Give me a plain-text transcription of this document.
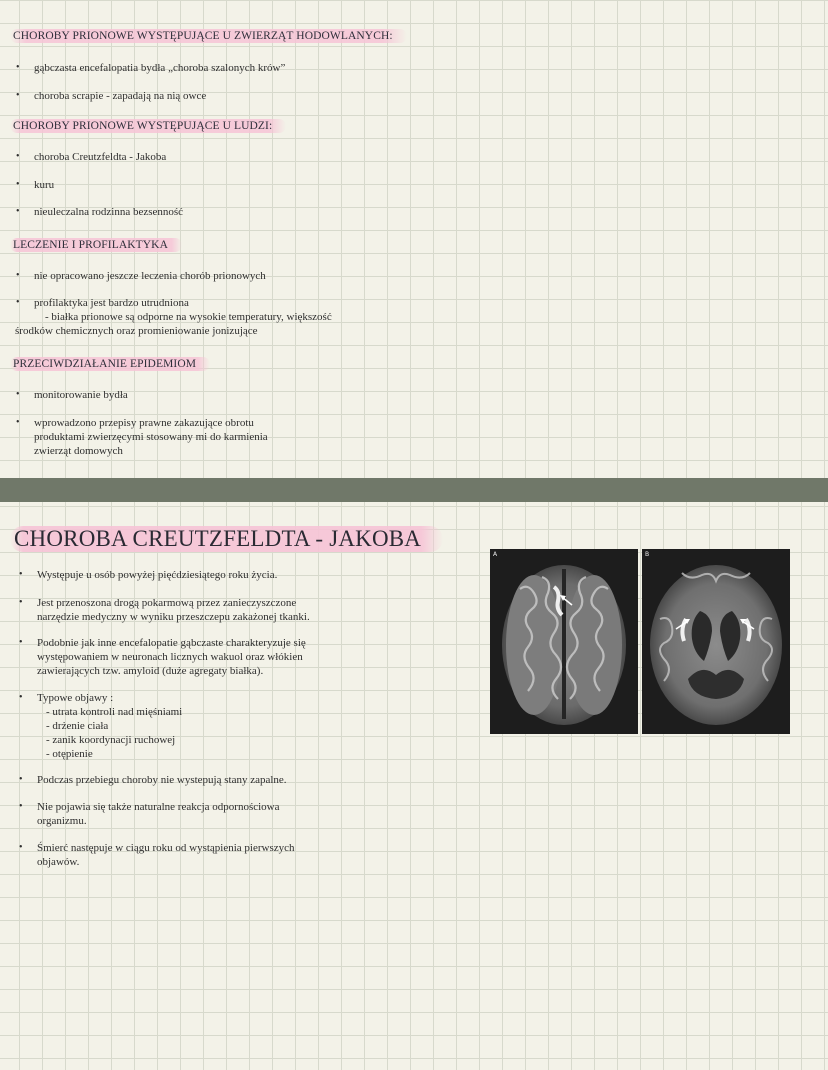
CHOROBY PRIONOWE WYSTĘPUJĄCE U ZWIERZĄT HODOWLANYCH:
• gąbczasta encefalopatia bydła „choroba szalonych krów”
• choroba scrapie - zapadają na nią owce
CHOROBY PRIONOWE WYSTĘPUJĄCE U LUDZI:
• choroba Creutzfeldta - Jakoba
• kuru
• nieuleczalna rodzinna bezsenność
LECZENIE I PROFILAKTYKA
• nie opracowano jeszcze leczenia chorób prionowych
• profilaktyka jest bardzo utrudniona
- białka prionowe są odporne na wysokie temperatury, większość
środków chemicznych oraz promieniowanie jonizujące
PRZECIWDZIAŁANIE EPIDEMIOM
• monitorowanie bydła
• wprowadzono przepisy prawne zakazujące obrotu
produktami zwierzęcymi stosowany mi do karmienia
zwierząt domowych
CHOROBA CREUTZFELDTA - JAKOBA
• Występuje u osób powyżej pięćdziesiątego roku życia.
• Jest przenoszona drogą pokarmową przez zanieczyszczone
narzędzie medyczny w wyniku przeszczepu zakażonej tkanki.
• Podobnie jak inne encefalopatie gąbczaste charakteryzuje się
występowaniem w neuronach licznych wakuol oraz włókien
zawierających tzw. amyloid (duże agregaty białka).
• Typowe objawy :
- utrata kontroli nad mięśniami
- drżenie ciała
- zanik koordynacji ruchowej
- otępienie
• Podczas przebiegu choroby nie wystepują stany zapalne.
• Nie pojawia się także naturalne reakcja odpornościowa
organizmu.
• Śmierć następuje w ciągu roku od wystąpienia pierwszych
objawów.
A	B
